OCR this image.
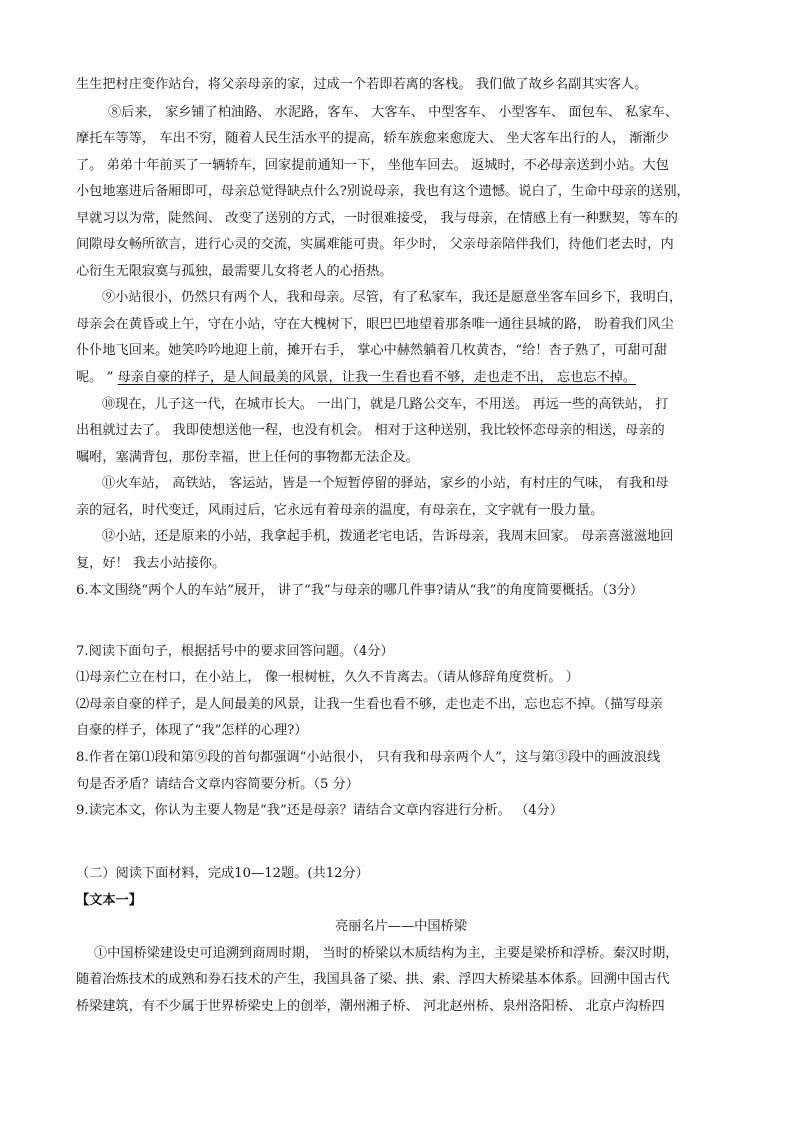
生生把村庄变作站台，将父亲母亲的家，过成一个若即若离的客栈。 我们做了故乡名副其实客人。
⑧后来， 家乡铺了柏油路、 水泥路，客车、 大客车、 中型客车、 小型客车、 面包车、 私家车、
摩托车等等， 车出不穷，随着人民生活水平的提高，轿车族愈来愈庞大、 坐大客车出行的人， 渐渐少
了。 弟弟十年前买了一辆轿车，回家提前通知一下， 坐他车回去。 返城时，不必母亲送到小站。大包
小包地塞进后备厢即可，母亲总觉得缺点什么?别说母亲，我也有这个遗憾。说白了，生命中母亲的送别，
早就习以为常，陡然间、 改变了送别的方式，一时很难接受， 我与母亲，在情感上有一种默契，等车的
间隙母女畅所欲言，进行心灵的交流，实属难能可贵。年少时， 父亲母亲陪伴我们，待他们老去时，内
心衍生无限寂寞与孤独，最需要儿女将老人的心捂热。
⑨小站很小，仍然只有两个人，我和母亲。尽管，有了私家车，我还是愿意坐客车回乡下，我明白，
母亲会在黄昏或上午，守在小站，守在大槐树下，眼巴巴地望着那条唯一通往县城的路， 盼着我们风尘
仆仆地飞回来。她笑吟吟地迎上前，摊开右手， 掌心中赫然躺着几枚黄杏，“给！杏子熟了，可甜可甜
呢。 ” 母亲自豪的样子，是人间最美的风景，让我一生看也看不够，走也走不出， 忘也忘不掉。
⑩现在，儿子这一代，在城市长大。 一出门，就是几路公交车，不用送。 再远一些的高铁站， 打
出租就过去了。 我即使想送他一程，也没有机会。 相对于这种送别，我比较怀恋母亲的相送，母亲的
嘱咐，塞满背包，那份幸福，世上任何的事物都无法企及。
⑪火车站， 高铁站， 客运站，皆是一个短暂停留的驿站，家乡的小站，有村庄的气味， 有我和母
亲的冠名，时代变迁，风雨过后，它永远有着母亲的温度，有母亲在，文字就有一股力量。
⑫小站，还是原来的小站，我拿起手机，拨通老宅电话，告诉母亲，我周末回家。 母亲喜滋滋地回
复，好！ 我去小站接你。
6.本文围绕“两个人的车站”展开， 讲了“我”与母亲的哪几件事?请从“我”的角度简要概括。（3分）
7.阅读下面句子，根据括号中的要求回答问题。（4分）
⑴母亲伫立在村口，在小站上， 像一根树桩，久久不肯离去。（请从修辞角度赏析。 ）
⑵母亲自豪的样子，是人间最美的风景，让我一生看也看不够，走也走不出，忘也忘不掉。（描写母亲
自豪的样子，体现了“我”怎样的心理?）
8.作者在第⑴段和第⑨段的首句都强调“小站很小， 只有我和母亲两个人”，这与第③段中的画波浪线
句是否矛盾？请结合文章内容简要分析。（5 分）
9.读完本文，你认为主要人物是“我”还是母亲？请结合文章内容进行分析。 （4分）
（二）阅读下面材料，完成10—12题。(共12分）
【文本一】
亮丽名片——中国桥梁
①中国桥梁建设史可追溯到商周时期， 当时的桥梁以木质结构为主，主要是梁桥和浮桥。秦汉时期，
随着冶炼技术的成熟和券石技术的产生，我国具备了梁、拱、索、浮四大桥梁基本体系。回溯中国古代
桥梁建筑，有不少属于世界桥梁史上的创举，潮州湘子桥、 河北赵州桥、泉州洛阳桥、 北京卢沟桥四
